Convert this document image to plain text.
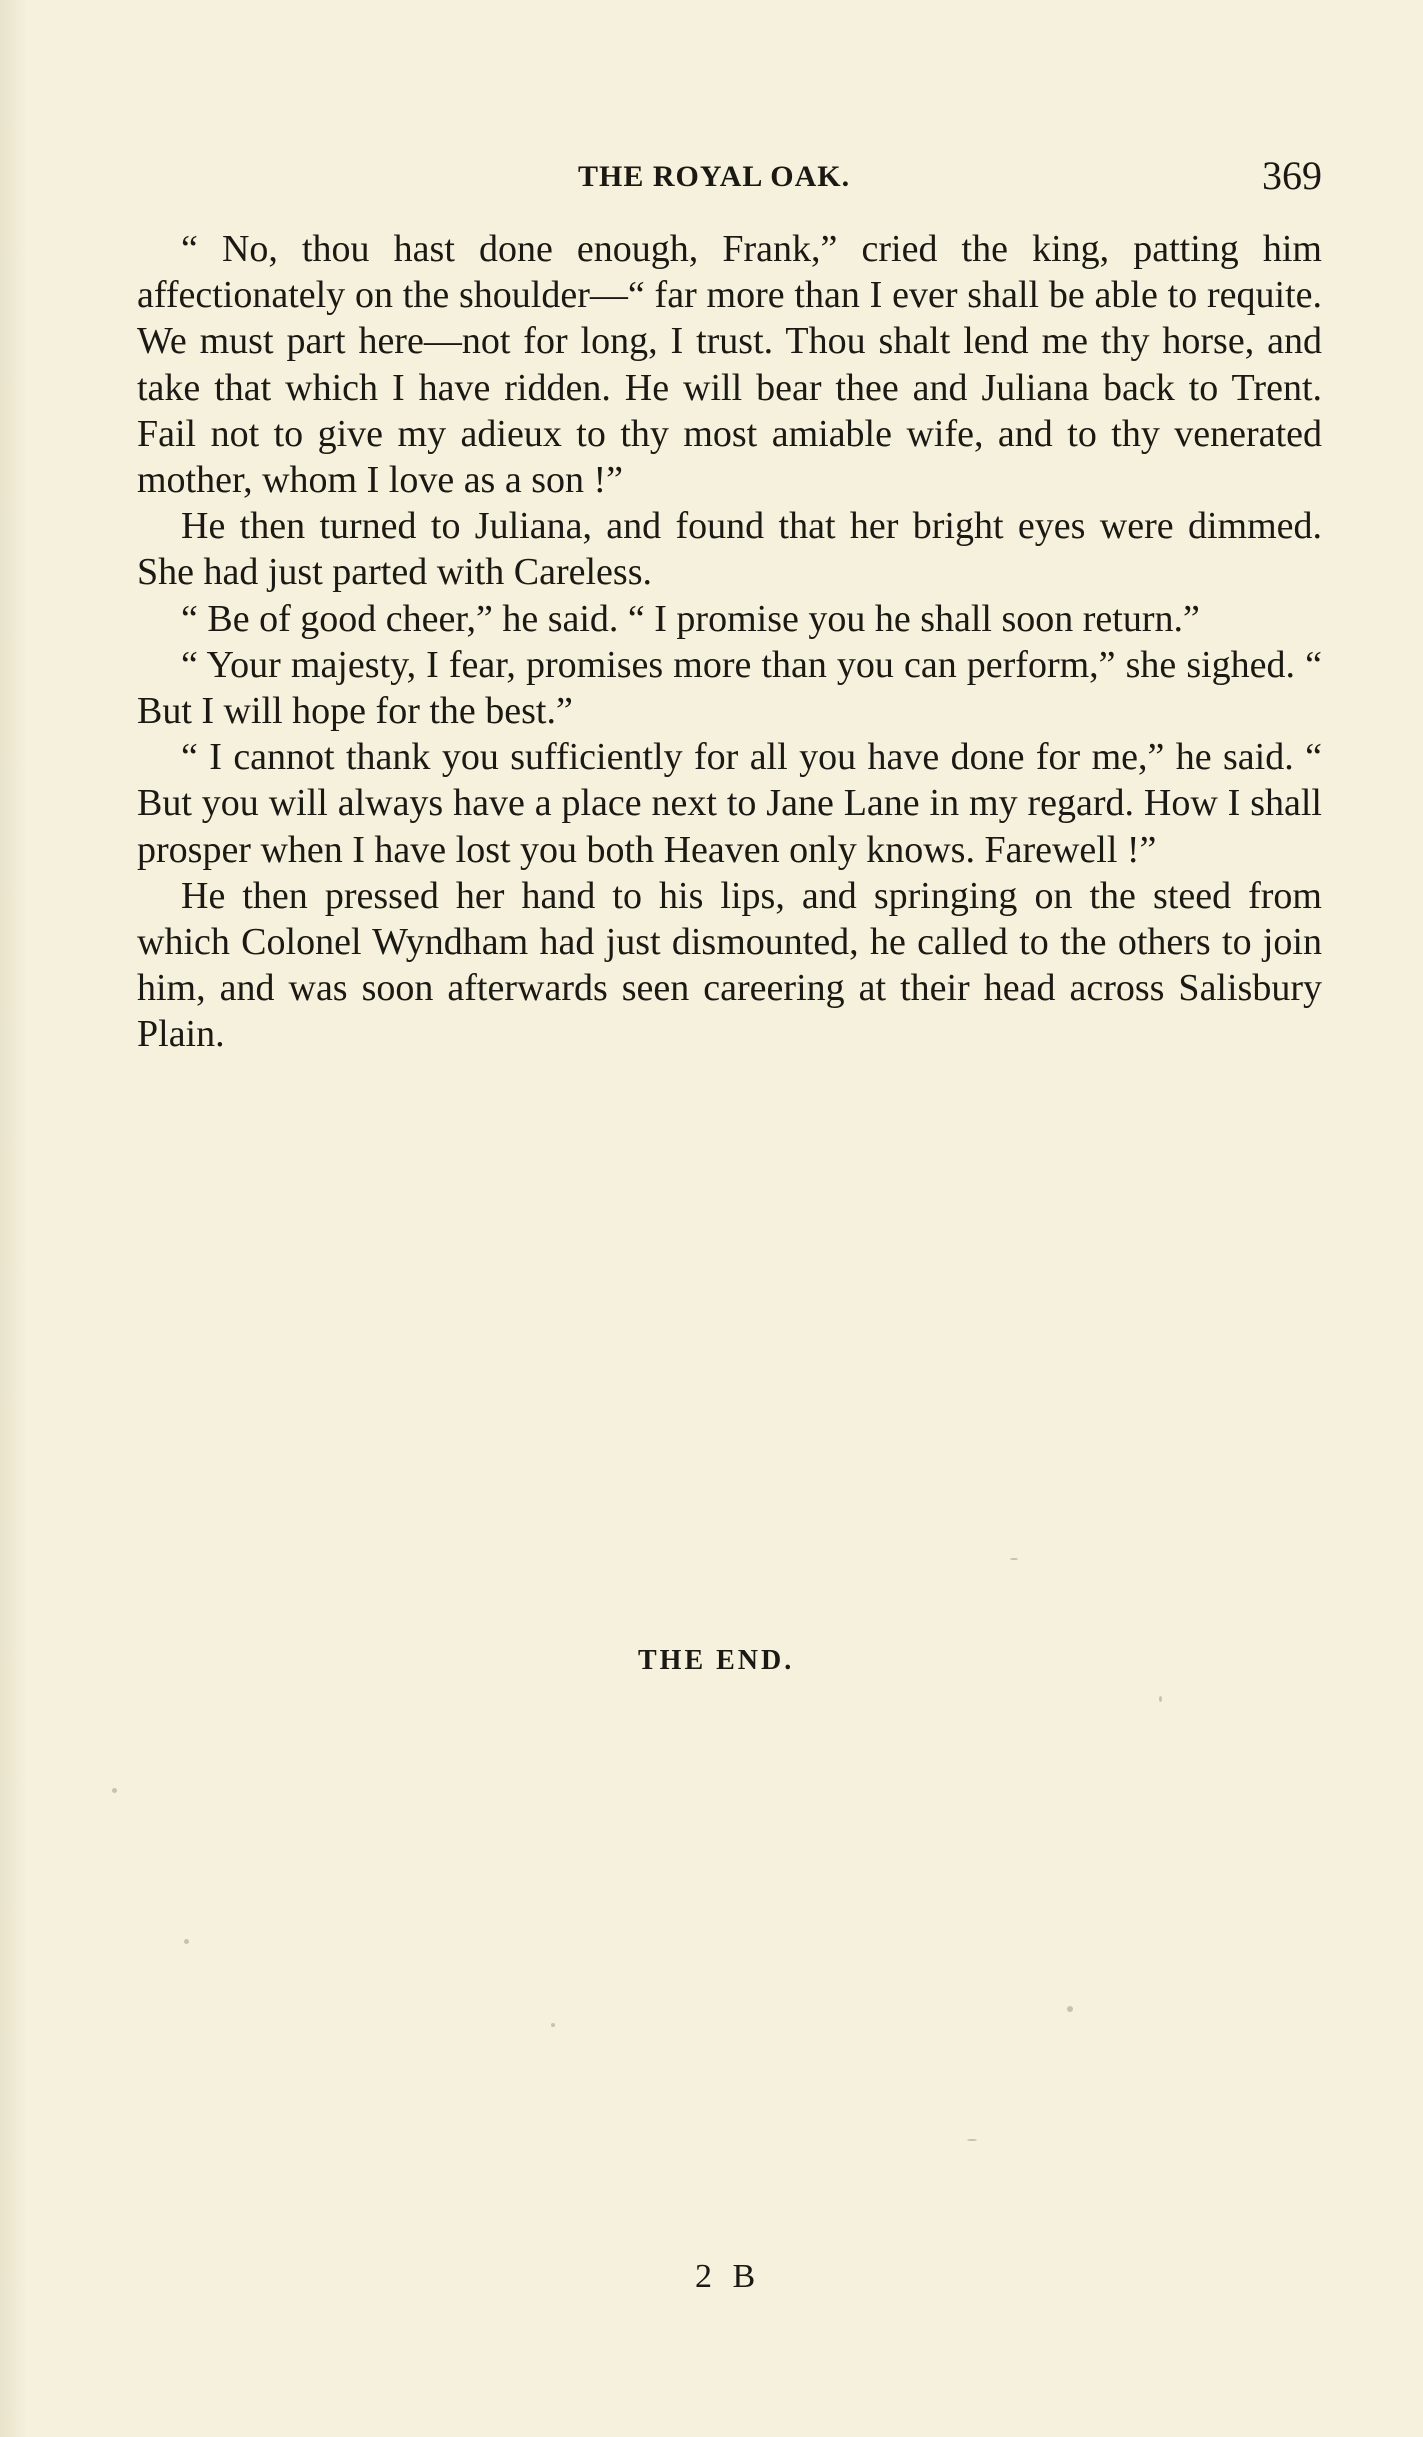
THE ROYAL OAK.	369

“ No, thou hast done enough, Frank,” cried the king, patting him affectionately on the shoulder—“ far more than I ever shall be able to requite. We must part here—not for long, I trust. Thou shalt lend me thy horse, and take that which I have ridden. He will bear thee and Juliana back to Trent. Fail not to give my adieux to thy most amiable wife, and to thy venerated mother, whom I love as a son !”

He then turned to Juliana, and found that her bright eyes were dimmed. She had just parted with Careless.

“ Be of good cheer,” he said. “ I promise you he shall soon return.”

“ Your majesty, I fear, promises more than you can perform,” she sighed. “ But I will hope for the best.”

“ I cannot thank you sufficiently for all you have done for me,” he said. “ But you will always have a place next to Jane Lane in my regard. How I shall prosper when I have lost you both Heaven only knows. Farewell !”

He then pressed her hand to his lips, and springing on the steed from which Colonel Wyndham had just dismounted, he called to the others to join him, and was soon afterwards seen careering at their head across Salisbury Plain.

THE END.
2 B
